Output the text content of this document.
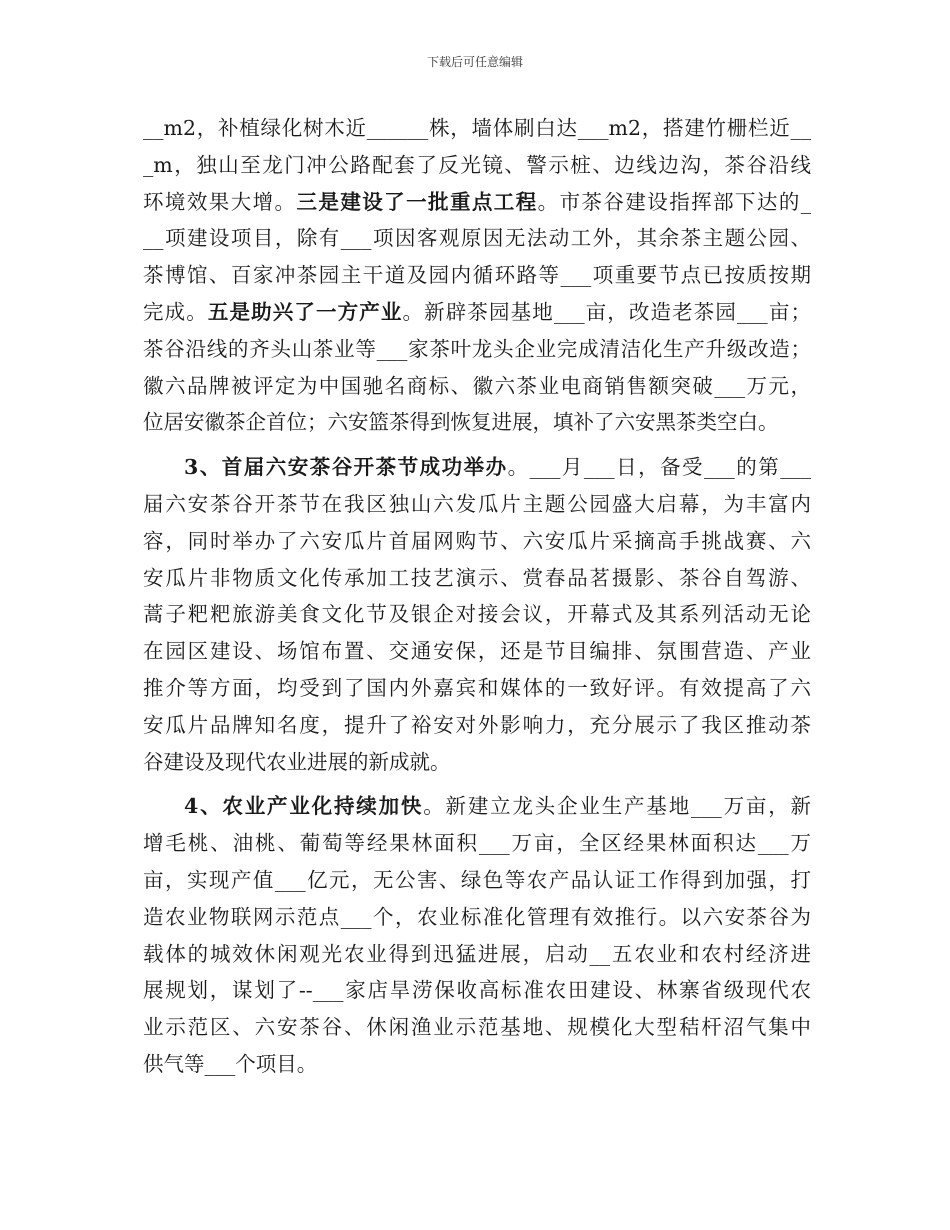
下载后可任意编辑
__m2，补植绿化树木近______株，墙体刷白达___m2，搭建竹栅栏近__
_m，独山至龙门冲公路配套了反光镜、警示桩、边线边沟，茶谷沿线
环境效果大增。三是建设了一批重点工程。市茶谷建设指挥部下达的_
__项建设项目，除有___项因客观原因无法动工外，其余茶主题公园、
茶博馆、百家冲茶园主干道及园内循环路等___项重要节点已按质按期
完成。五是助兴了一方产业。新辟茶园基地___亩，改造老茶园___亩；
茶谷沿线的齐头山茶业等___家茶叶龙头企业完成清洁化生产升级改造；
徽六品牌被评定为中国驰名商标、徽六茶业电商销售额突破___万元，
位居安徽茶企首位；六安篮茶得到恢复进展，填补了六安黑茶类空白。
3、首届六安茶谷开茶节成功举办。___月___日，备受___的第___
届六安茶谷开茶节在我区独山六发瓜片主题公园盛大启幕，为丰富内
容，同时举办了六安瓜片首届网购节、六安瓜片采摘高手挑战赛、六
安瓜片非物质文化传承加工技艺演示、赏春品茗摄影、茶谷自驾游、
蒿子粑粑旅游美食文化节及银企对接会议，开幕式及其系列活动无论
在园区建设、场馆布置、交通安保，还是节目编排、氛围营造、产业
推介等方面，均受到了国内外嘉宾和媒体的一致好评。有效提高了六
安瓜片品牌知名度，提升了裕安对外影响力，充分展示了我区推动茶
谷建设及现代农业进展的新成就。
4、农业产业化持续加快。新建立龙头企业生产基地___万亩，新
增毛桃、油桃、葡萄等经果林面积___万亩，全区经果林面积达___万
亩，实现产值___亿元，无公害、绿色等农产品认证工作得到加强，打
造农业物联网示范点___个，农业标准化管理有效推行。以六安茶谷为
载体的城效休闲观光农业得到迅猛进展，启动__五农业和农村经济进
展规划，谋划了--___家店旱涝保收高标准农田建设、林寨省级现代农
业示范区、六安茶谷、休闲渔业示范基地、规模化大型秸杆沼气集中
供气等___个项目。
